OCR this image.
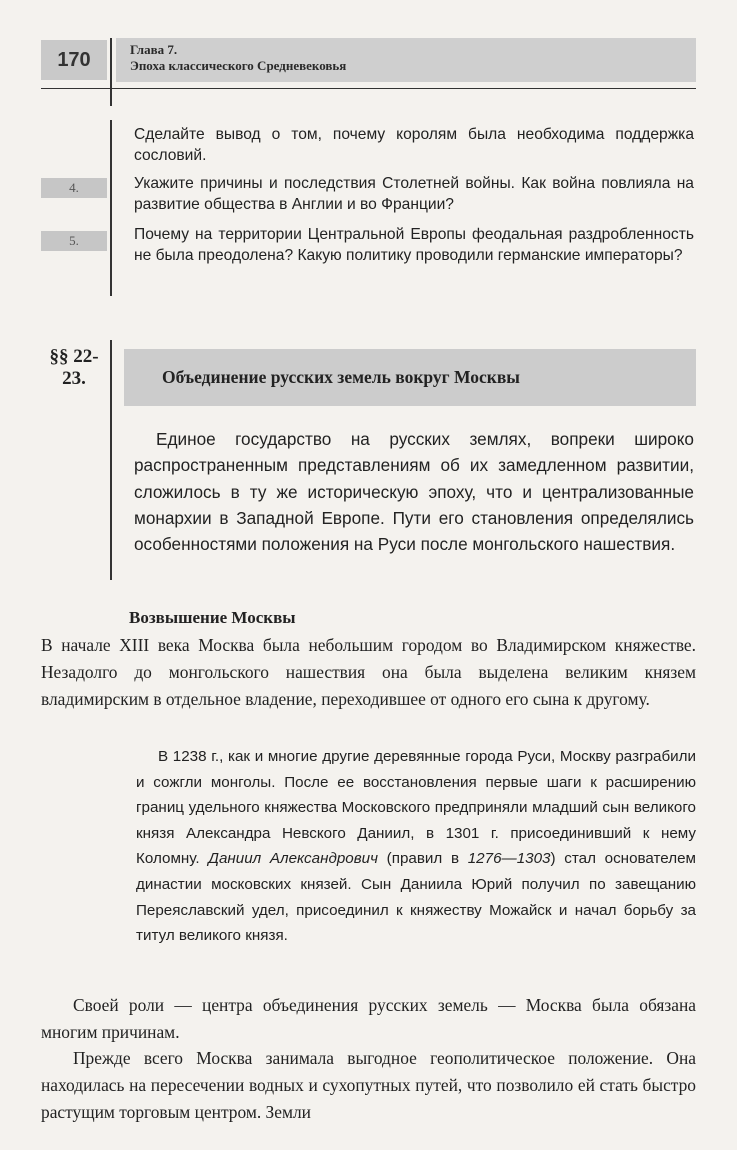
170	Глава 7.
Эпоха классического Средневековья
Сделайте вывод о том, почему королям была необходима поддержка сословий.
4.	Укажите причины и последствия Столетней войны. Как война повлияла на развитие общества в Англии и во Франции?
5.	Почему на территории Центральной Европы феодальная раздробленность не была преодолена? Какую политику проводили германские императоры?
§§ 22-
23.	Объединение русских земель вокруг Москвы
Единое государство на русских землях, вопреки широко распространенным представлениям об их замедленном развитии, сложилось в ту же историческую эпоху, что и централизованные монархии в Западной Европе. Пути его становления определялись особенностями положения на Руси после монгольского нашествия.
Возвышение Москвы
В начале XIII века Москва была небольшим городом во Владимирском княжестве. Незадолго до монгольского нашествия она была выделена великим князем владимирским в отдельное владение, переходившее от одного его сына к другому.
В 1238 г., как и многие другие деревянные города Руси, Москву разграбили и сожгли монголы. После ее восстановления первые шаги к расширению границ удельного княжества Московского предприняли младший сын великого князя Александра Невского Даниил, в 1301 г. присоединивший к нему Коломну. Даниил Александрович (правил в 1276—1303) стал основателем династии московских князей. Сын Даниила Юрий получил по завещанию Переяславский удел, присоединил к княжеству Можайск и начал борьбу за титул великого князя.
Своей роли — центра объединения русских земель — Москва была обязана многим причинам.
Прежде всего Москва занимала выгодное геополитическое положение. Она находилась на пересечении водных и сухопутных путей, что позволило ей стать быстро растущим торговым центром. Земли
